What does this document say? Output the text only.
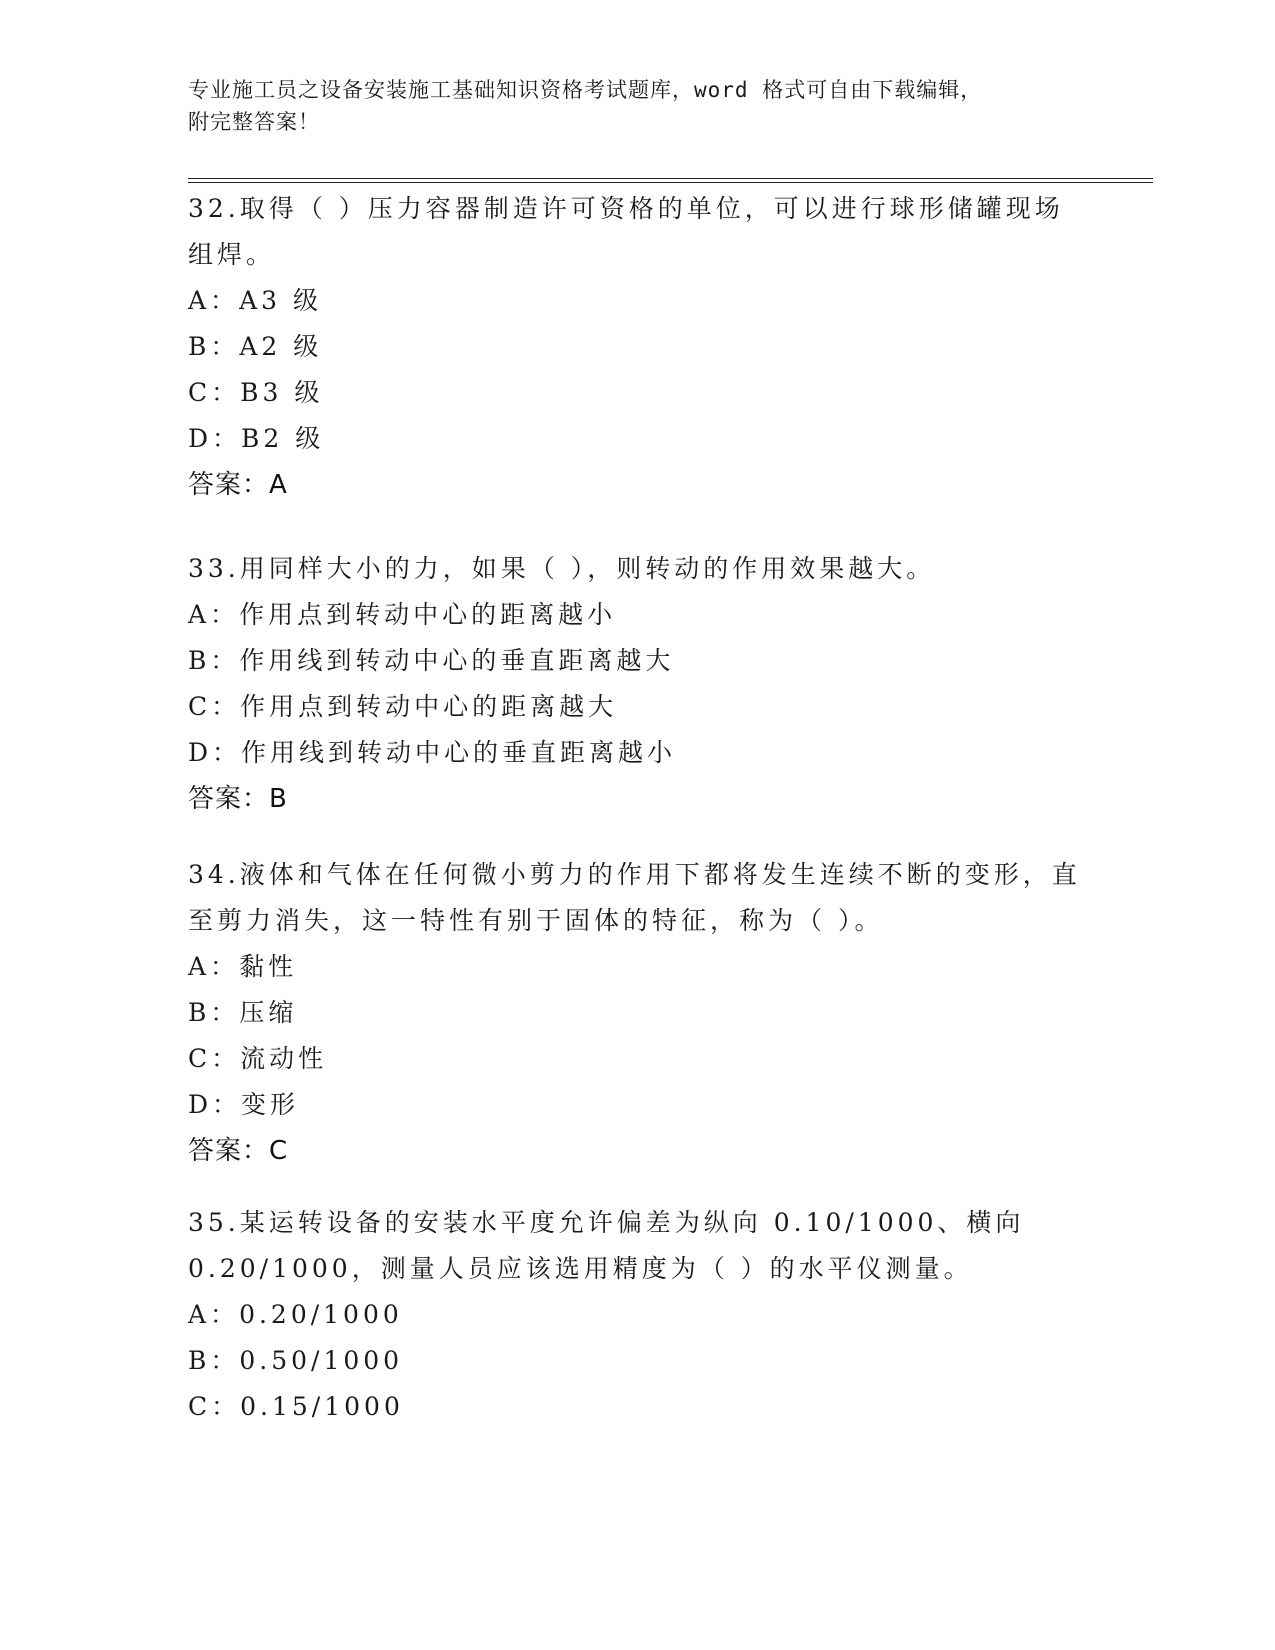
专业施工员之设备安装施工基础知识资格考试题库，word 格式可自由下载编辑，
附完整答案！

32.取得（ ）压力容器制造许可资格的单位，可以进行球形储罐现场组焊。

A：A3 级

B：A2 级

C：B3 级

D：B2 级

答案：A

33.用同样大小的力，如果（ ），则转动的作用效果越大。

A：作用点到转动中心的距离越小

B：作用线到转动中心的垂直距离越大

C：作用点到转动中心的距离越大

D：作用线到转动中心的垂直距离越小

答案：B

34.液体和气体在任何微小剪力的作用下都将发生连续不断的变形，直至剪力消失，这一特性有别于固体的特征，称为（ ）。

A：黏性

B：压缩

C：流动性

D：变形

答案：C

35.某运转设备的安装水平度允许偏差为纵向 0.10/1000、横向 0.20/1000，测量人员应该选用精度为（ ）的水平仪测量。

A：0.20/1000

B：0.50/1000

C：0.15/1000
